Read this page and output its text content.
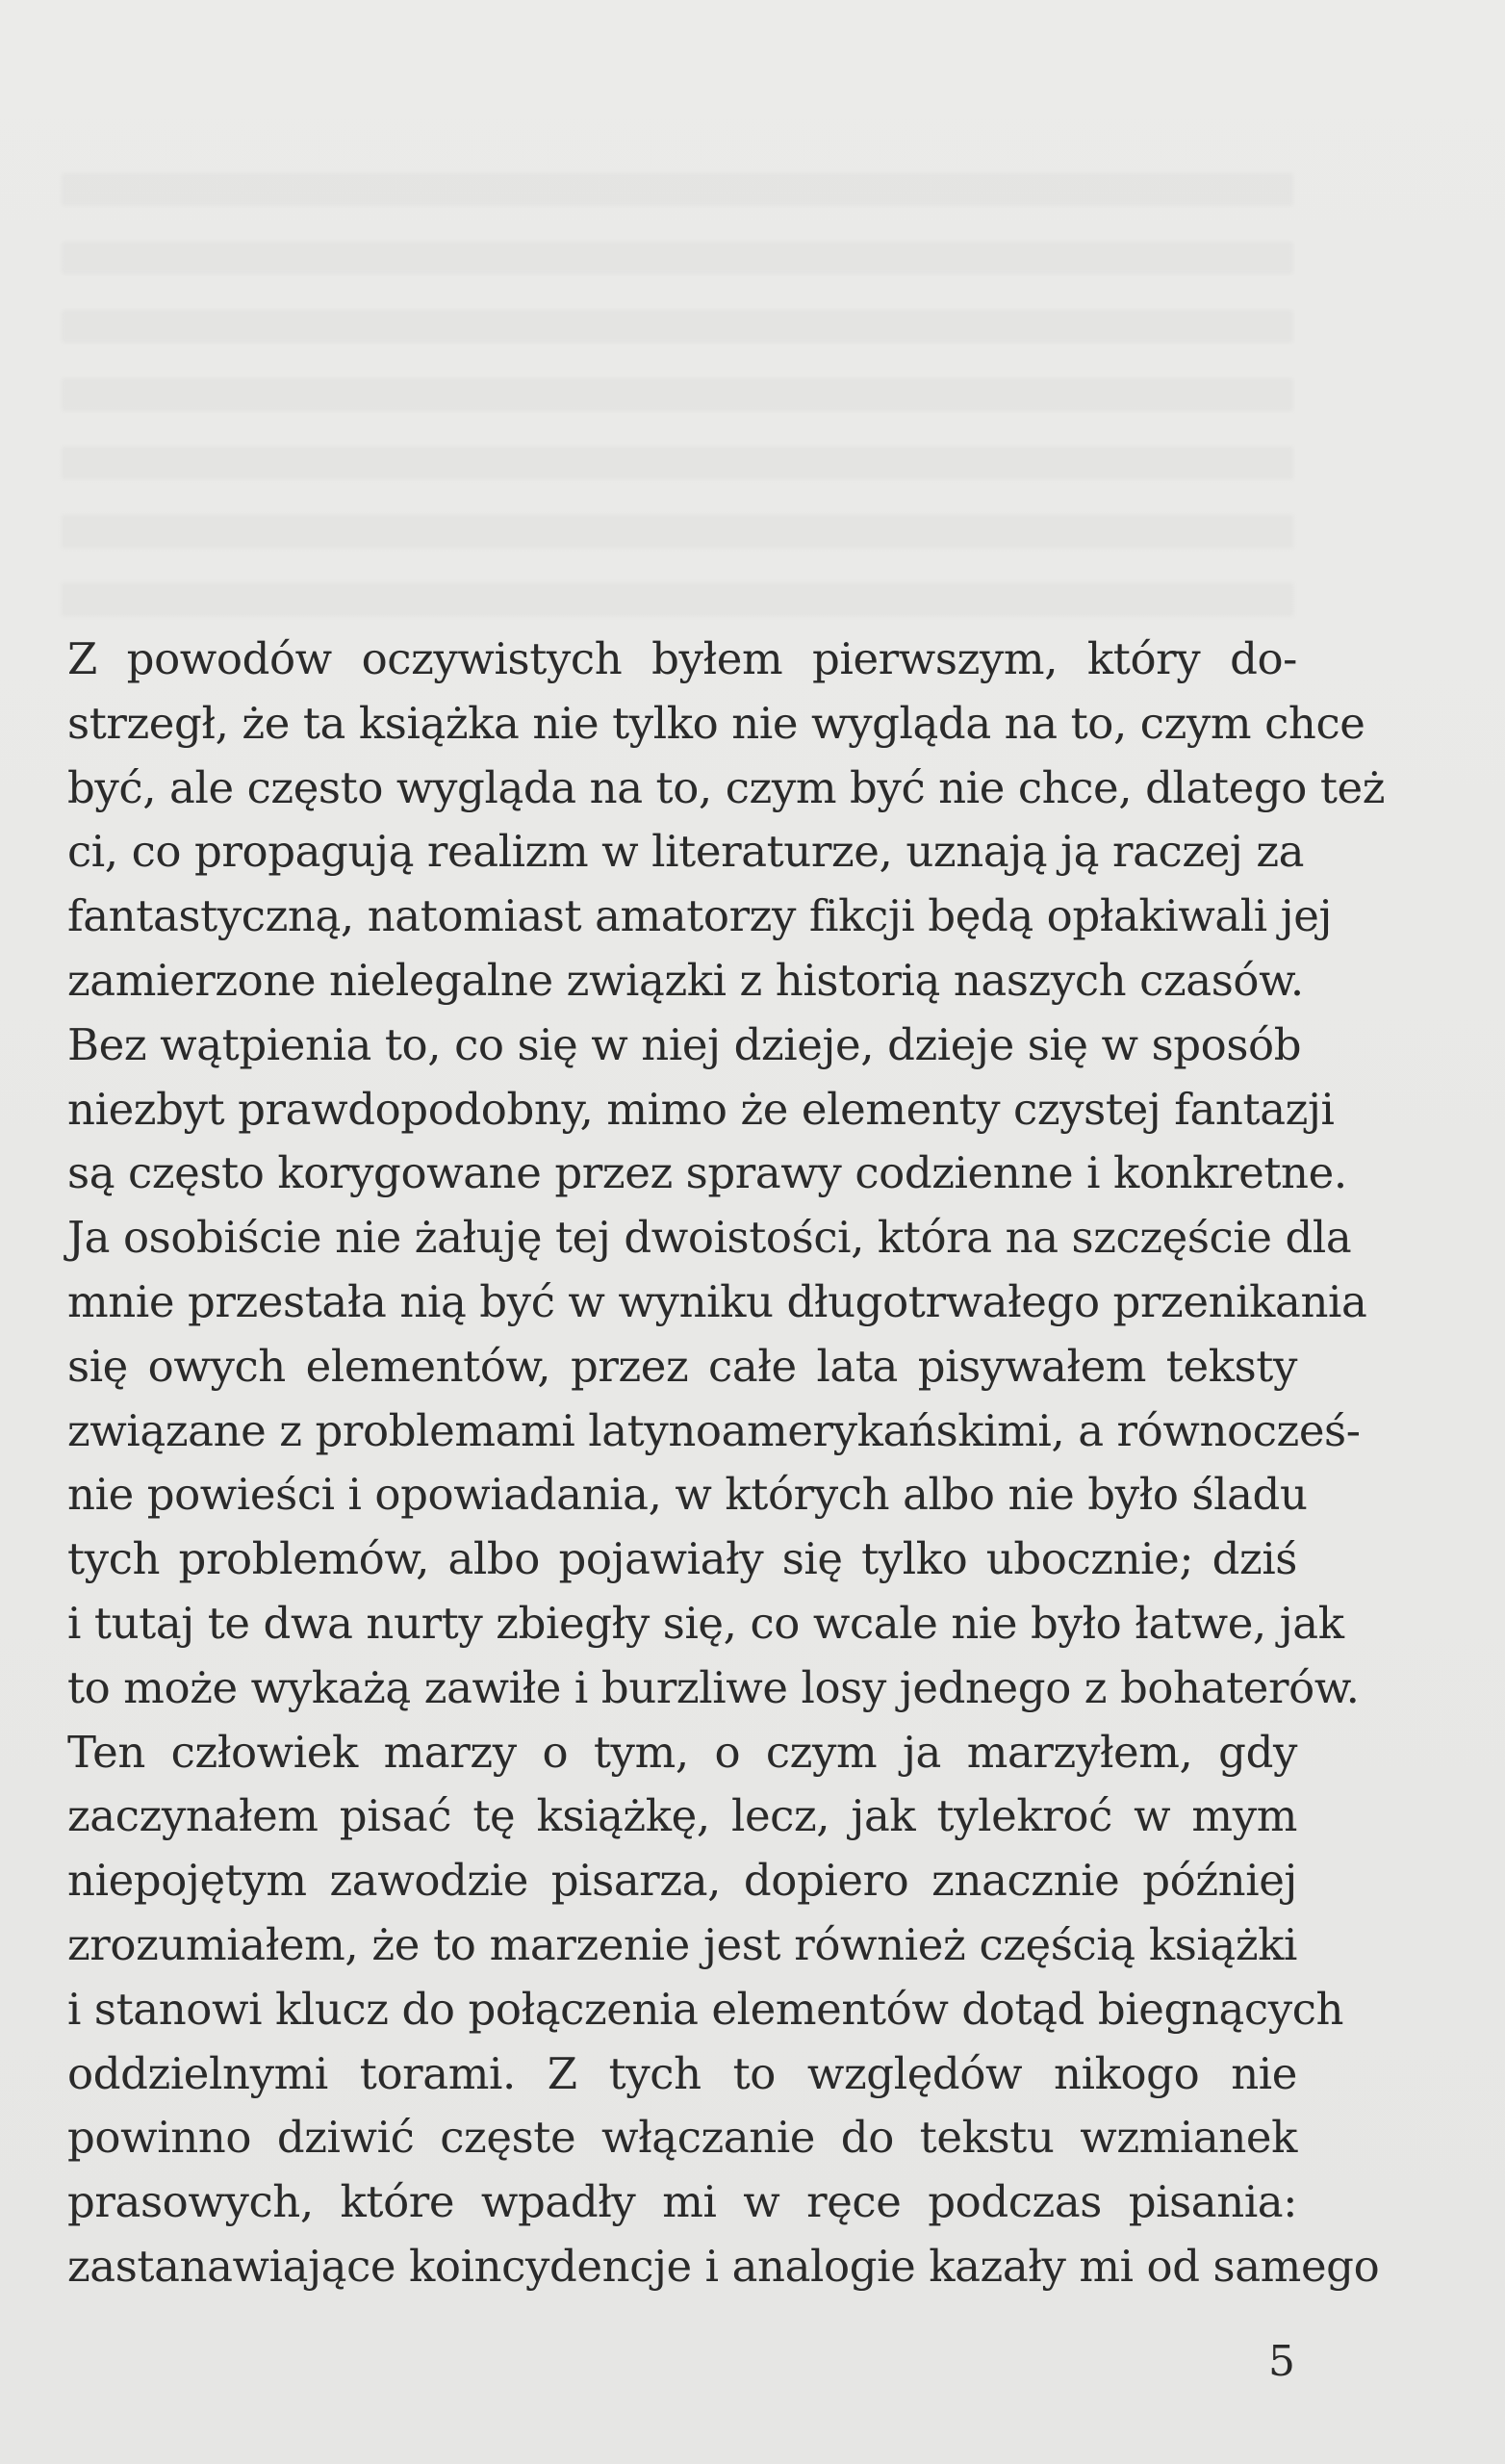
Z powodów oczywistych byłem pierwszym, który do-
strzegł, że ta książka nie tylko nie wygląda na to, czym chce
być, ale często wygląda na to, czym być nie chce, dlatego też
ci, co propagują realizm w literaturze, uznają ją raczej za
fantastyczną, natomiast amatorzy fikcji będą opłakiwali jej
zamierzone nielegalne związki z historią naszych czasów.
Bez wątpienia to, co się w niej dzieje, dzieje się w sposób
niezbyt prawdopodobny, mimo że elementy czystej fantazji
są często korygowane przez sprawy codzienne i konkretne.
Ja osobiście nie żałuję tej dwoistości, która na szczęście dla
mnie przestała nią być w wyniku długotrwałego przenikania
się owych elementów, przez całe lata pisywałem teksty
związane z problemami latynoamerykańskimi, a równocześ-
nie powieści i opowiadania, w których albo nie było śladu
tych problemów, albo pojawiały się tylko ubocznie; dziś
i tutaj te dwa nurty zbiegły się, co wcale nie było łatwe, jak
to może wykażą zawiłe i burzliwe losy jednego z bohaterów.
Ten człowiek marzy o tym, o czym ja marzyłem, gdy
zaczynałem pisać tę książkę, lecz, jak tylekroć w mym
niepojętym zawodzie pisarza, dopiero znacznie później
zrozumiałem, że to marzenie jest również częścią książki
i stanowi klucz do połączenia elementów dotąd biegnących
oddzielnymi torami. Z tych to względów nikogo nie
powinno dziwić częste włączanie do tekstu wzmianek
prasowych, które wpadły mi w ręce podczas pisania:
zastanawiające koincydencje i analogie kazały mi od samego
5
